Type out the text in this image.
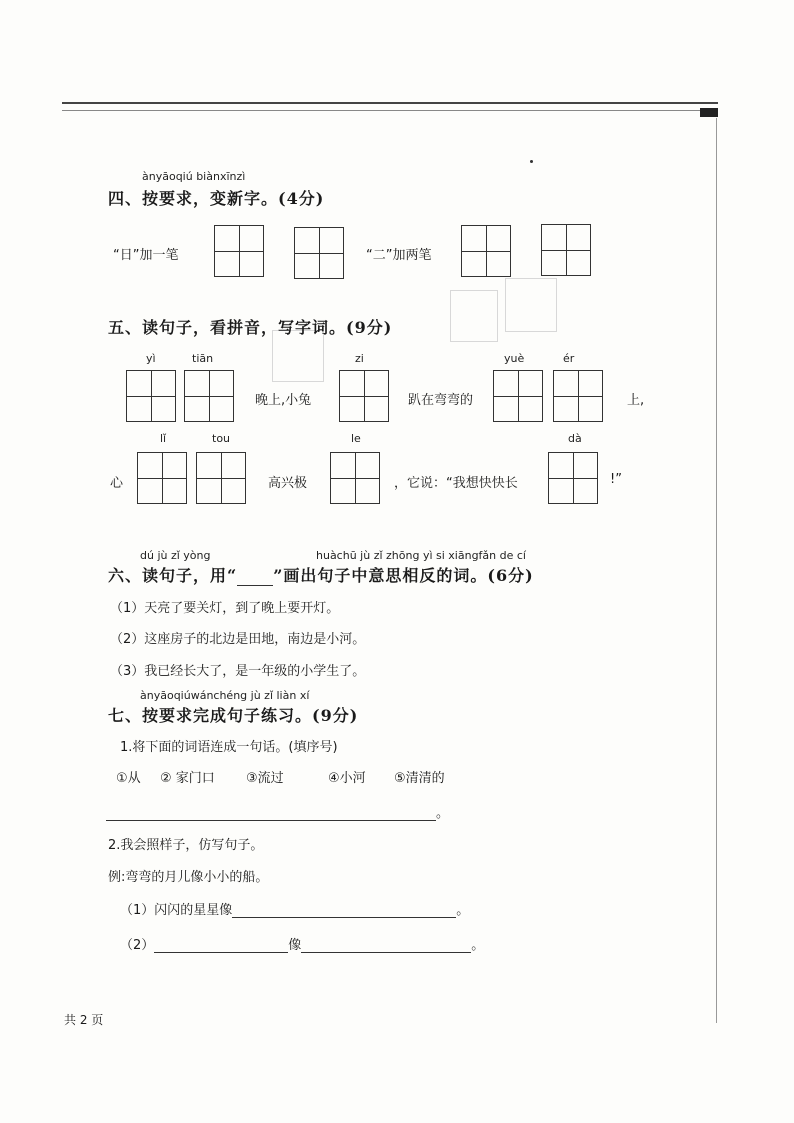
ànyāoqiú biànxīnzì
四、按要求，变新字。(4分)
“日”加一笔	“二”加两笔
五、读句子，看拼音，写字词。(9分)
yì	tiān	zi	yuè	ér
晚上,小兔	趴在弯弯的	上,
lǐ	tou	le	dà
心	高兴极	，它说：“我想快快长	!”
dú jù zǐ yòng	huàchū jù zǐ zhōng yì si xiāngfǎn de cí
六、读句子，用“ ”画出句子中意思相反的词。(6分)
（1）天亮了要关灯，到了晚上要开灯。
（2）这座房子的北边是田地，南边是小河。
（3）我已经长大了，是一年级的小学生了。
ànyāoqiúwánchéng jù zǐ liàn xí
七、按要求完成句子练习。(9分)
1.将下面的词语连成一句话。(填序号)
①从 ② 家门口 ③流过	④小河 ⑤清清的
。
2.我会照样子，仿写句子。
例:弯弯的月儿像小小的船。
（1）闪闪的星星像	。
（2）	像	。
共 2 页
